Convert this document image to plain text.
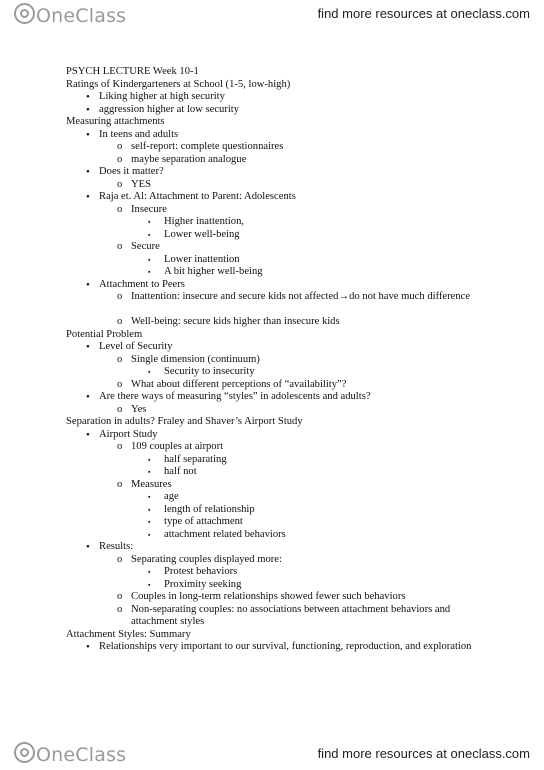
OneClass	find more resources at oneclass.com
PSYCH LECTURE Week 10-1
Ratings of Kindergarteners at School (1-5, low-high)
• Liking higher at high security
• aggression higher at low security
Measuring attachments
• In teens and adults
o self-report: complete questionnaires
o maybe separation analogue
• Does it matter?
o YES
• Raja et. Al: Attachment to Parent: Adolescents
o Insecure
▪ Higher inattention,
▪ Lower well-being
o Secure
▪ Lower inattention
▪ A bit higher well-being
• Attachment to Peers
o Inattention: insecure and secure kids not affected→do not have much difference
o Well-being: secure kids higher than insecure kids
Potential Problem
• Level of Security
o Single dimension (continuum)
▪ Security to insecurity
o What about different perceptions of “availability”?
• Are there ways of measuring “styles” in adolescents and adults?
o Yes
Separation in adults? Fraley and Shaver’s Airport Study
• Airport Study
o 109 couples at airport
▪ half separating
▪ half not
o Measures
▪ age
▪ length of relationship
▪ type of attachment
▪ attachment related behaviors
• Results:
o Separating couples displayed more:
▪ Protest behaviors
▪ Proximity seeking
o Couples in long-term relationships showed fewer such behaviors
o Non-separating couples: no associations between attachment behaviors and attachment styles
Attachment Styles: Summary
• Relationships very important to our survival, functioning, reproduction, and exploration
OneClass	find more resources at oneclass.com
